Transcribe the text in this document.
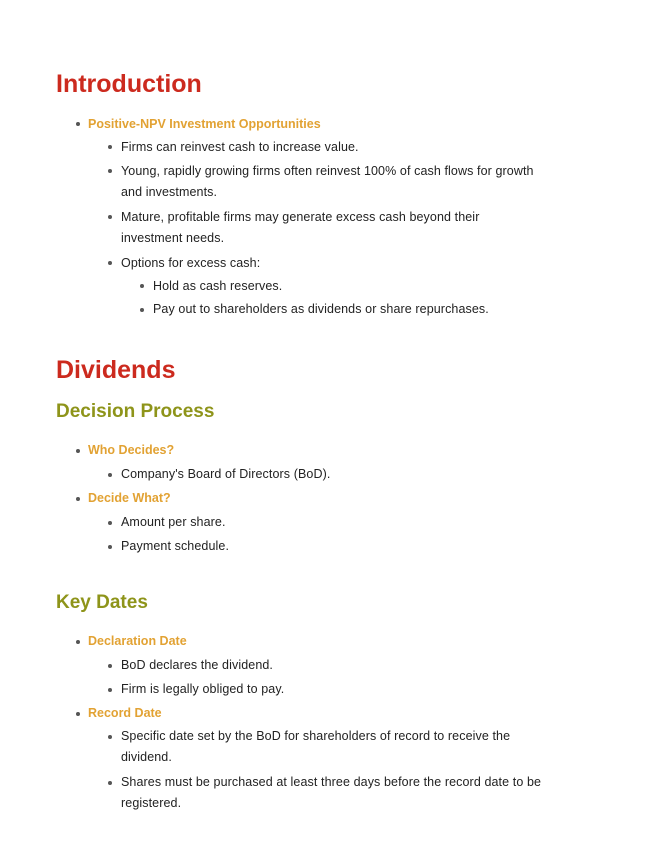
Introduction
Positive-NPV Investment Opportunities
Firms can reinvest cash to increase value.
Young, rapidly growing firms often reinvest 100% of cash flows for growth
and investments.
Mature, profitable firms may generate excess cash beyond their
investment needs.
Options for excess cash:
Hold as cash reserves.
Pay out to shareholders as dividends or share repurchases.
Dividends
Decision Process
Who Decides?
Company's Board of Directors (BoD).
Decide What?
Amount per share.
Payment schedule.
Key Dates
Declaration Date
BoD declares the dividend.
Firm is legally obliged to pay.
Record Date
Specific date set by the BoD for shareholders of record to receive the
dividend.
Shares must be purchased at least three days before the record date to be
registered.
